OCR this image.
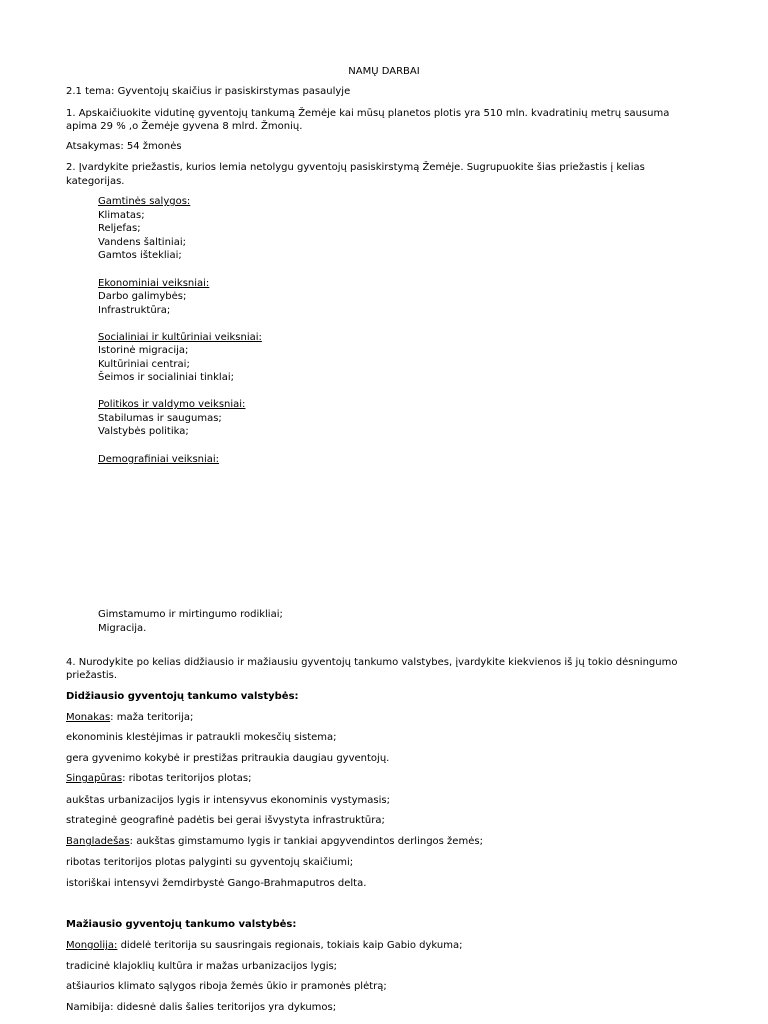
NAMŲ DARBAI
2.1 tema: Gyventojų skaičius ir pasiskirstymas pasaulyje
1. Apskaičiuokite vidutinę gyventojų tankumą Žemėje kai mūsų planetos plotis yra 510 mln. kvadratinių metrų sausuma
apima 29 % ,o Žemėje gyvena 8 mlrd. Žmonių.
Atsakymas: 54 žmonės
2. Įvardykite priežastis, kurios lemia netolygu gyventojų pasiskirstymą Žemėje. Sugrupuokite šias priežastis į kelias
kategorijas.
Gamtinės salygos:
Klimatas;
Reljefas;
Vandens šaltiniai;
Gamtos ištekliai;
Ekonominiai veiksniai:
Darbo galimybės;
Infrastruktūra;
Socialiniai ir kultūriniai veiksniai:
Istorinė migracija;
Kultūriniai centrai;
Šeimos ir socialiniai tinklai;
Politikos ir valdymo veiksniai:
Stabilumas ir saugumas;
Valstybės politika;
Demografiniai veiksniai:
Gimstamumo ir mirtingumo rodikliai;
Migracija.
4. Nurodykite po kelias didžiausio ir mažiausiu gyventojų tankumo valstybes, įvardykite kiekvienos iš jų tokio dėsningumo
priežastis.
Didžiausio gyventojų tankumo valstybės:
Monakas: maža teritorija;
ekonominis klestėjimas ir patraukli mokesčių sistema;
gera gyvenimo kokybė ir prestižas pritraukia daugiau gyventojų.
Singapūras: ribotas teritorijos plotas;
aukštas urbanizacijos lygis ir intensyvus ekonominis vystymasis;
strateginė geografinė padėtis bei gerai išvystyta infrastruktūra;
Bangladešas: aukštas gimstamumo lygis ir tankiai apgyvendintos derlingos žemės;
ribotas teritorijos plotas palyginti su gyventojų skaičiumi;
istoriškai intensyvi žemdirbystė Gango-Brahmaputros delta.
Mažiausio gyventojų tankumo valstybės:
Mongolija: didelė teritorija su sausringais regionais, tokiais kaip Gabio dykuma;
tradicinė klajoklių kultūra ir mažas urbanizacijos lygis;
atšiaurios klimato sąlygos riboja žemės ūkio ir pramonės plėtrą;
Namibija: didesnė dalis šalies teritorijos yra dykumos;
